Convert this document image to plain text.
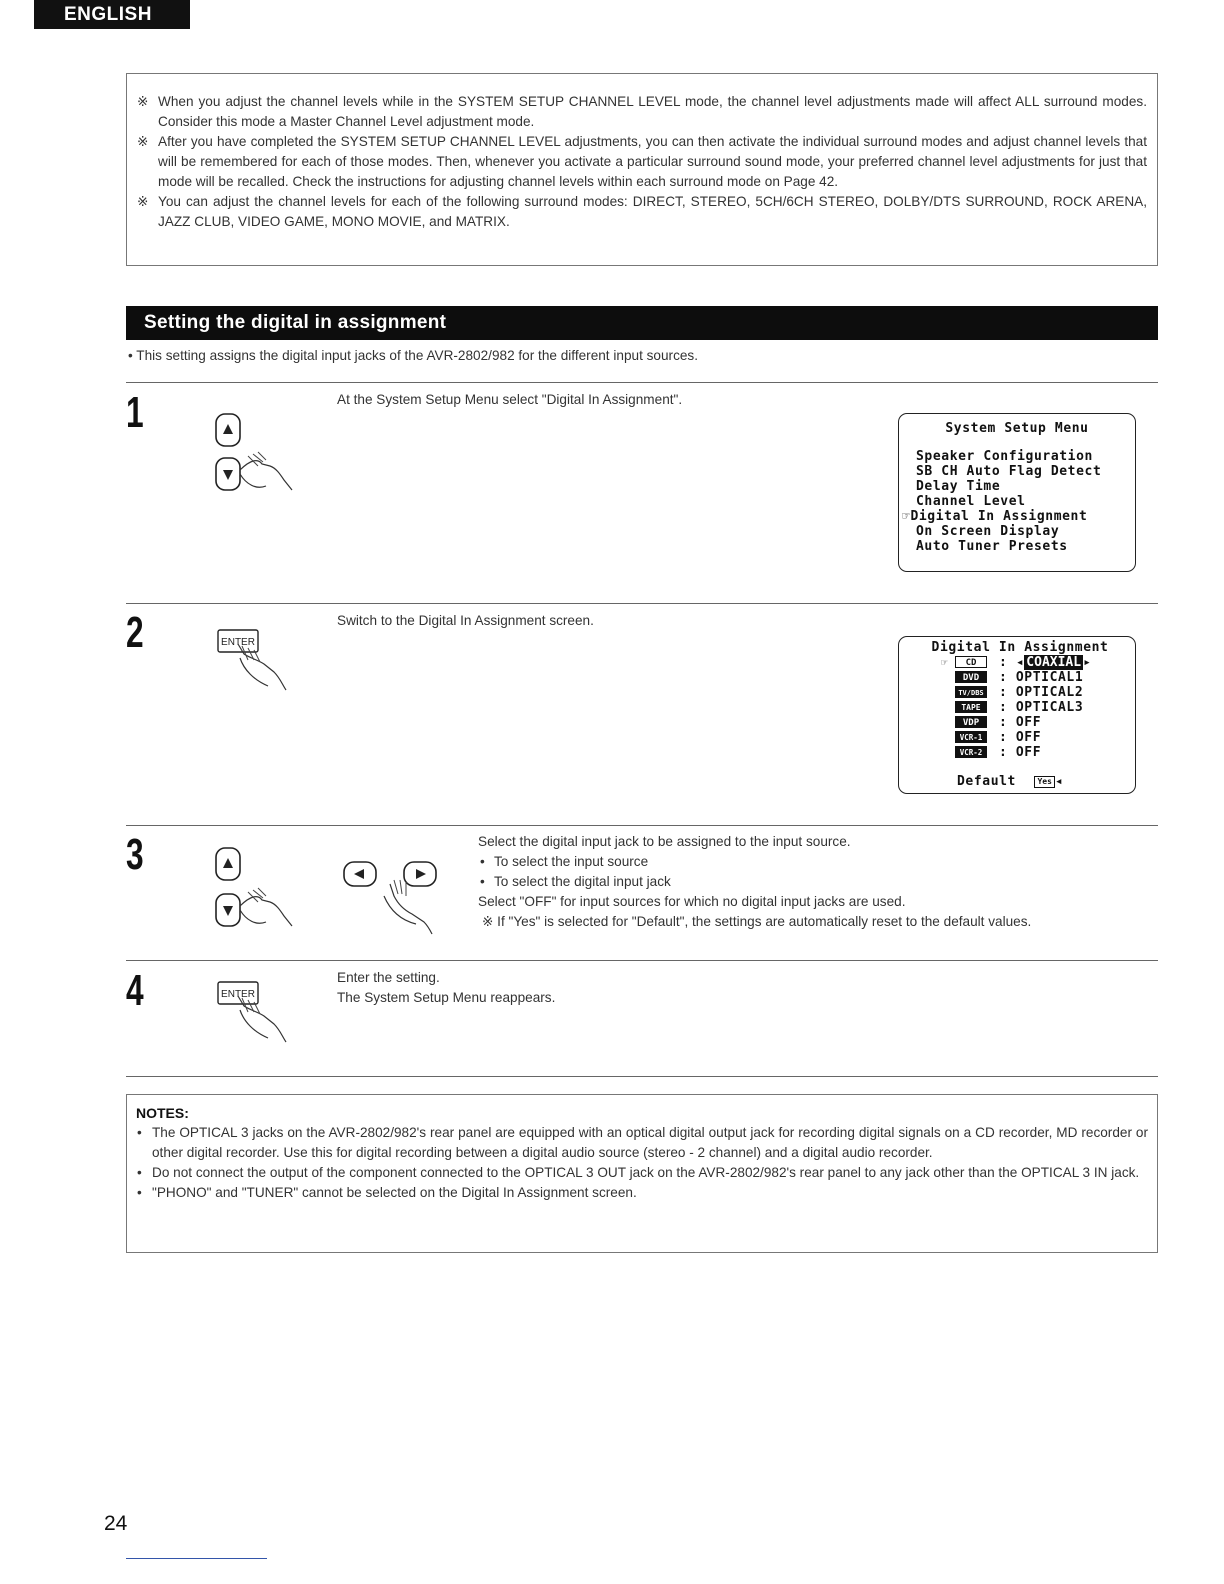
ENGLISH
※ When you adjust the channel levels while in the SYSTEM SETUP CHANNEL LEVEL mode, the channel level adjustments made will affect ALL surround modes. Consider this mode a Master Channel Level adjustment mode.
※ After you have completed the SYSTEM SETUP CHANNEL LEVEL adjustments, you can then activate the individual surround modes and adjust channel levels that will be remembered for each of those modes. Then, whenever you activate a particular surround sound mode, your preferred channel level adjustments for just that mode will be recalled. Check the instructions for adjusting channel levels within each surround mode on Page 42.
※ You can adjust the channel levels for each of the following surround modes: DIRECT, STEREO, 5CH/6CH STEREO, DOLBY/DTS SURROUND, ROCK ARENA, JAZZ CLUB, VIDEO GAME, MONO MOVIE, and MATRIX.
Setting the digital in assignment
• This setting assigns the digital input jacks of the AVR-2802/982 for the different input sources.
1	At the System Setup Menu select "Digital In Assignment".
System Setup Menu
Speaker Configuration
SB CH Auto Flag Detect
Delay Time
Channel Level
☞Digital In Assignment
On Screen Display
Auto Tuner Presets
2	ENTER
Switch to the Digital In Assignment screen.
Digital In Assignment
☞	CD	: ◂ COAXIAL ▸
DVD	: OPTICAL1
TV/DBS : OPTICAL2
TAPE	: OPTICAL3
VDP	: OFF
VCR-1	: OFF
VCR-2	: OFF
Default	Yes ◂
3	Select the digital input jack to be assigned to the input source.
• To select the input source
• To select the digital input jack
Select "OFF" for input sources for which no digital input jacks are used.
※ If "Yes" is selected for "Default", the settings are automatically reset to the default values.
4	ENTER
Enter the setting.
The System Setup Menu reappears.
NOTES:
• The OPTICAL 3 jacks on the AVR-2802/982's rear panel are equipped with an optical digital output jack for recording digital signals on a CD recorder, MD recorder or other digital recorder. Use this for digital recording between a digital audio source (stereo - 2 channel) and a digital audio recorder.
• Do not connect the output of the component connected to the OPTICAL 3 OUT jack on the AVR-2802/982's rear panel to any jack other than the OPTICAL 3 IN jack.
• "PHONO" and "TUNER" cannot be selected on the Digital In Assignment screen.
24
